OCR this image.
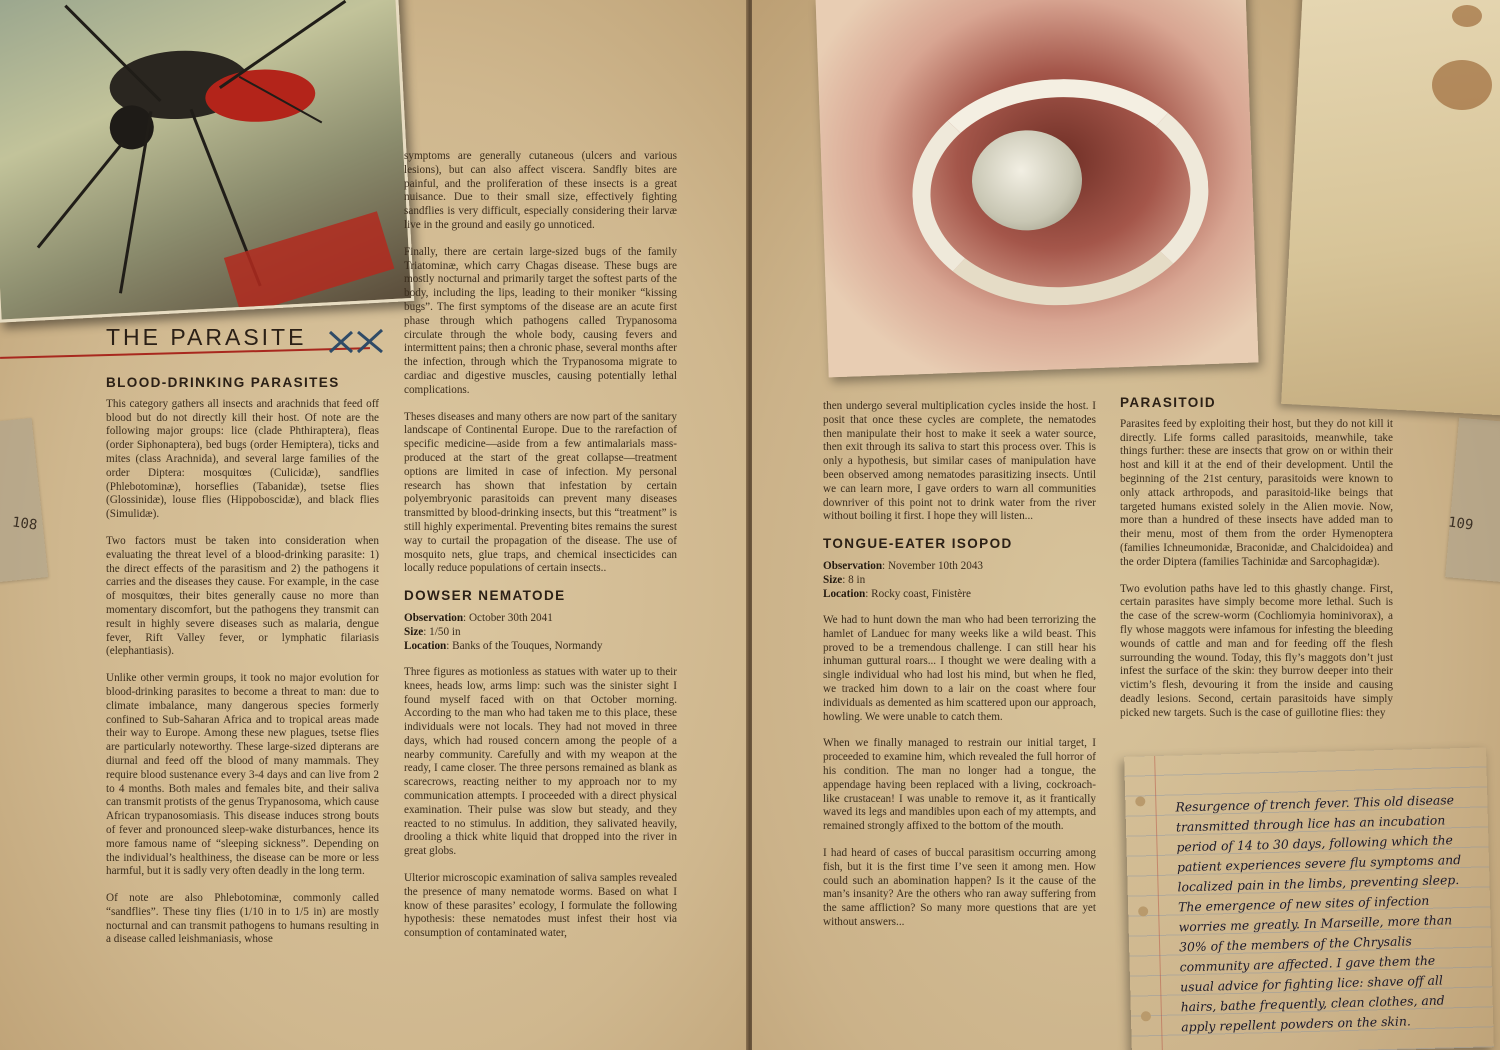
THE PARASITE
108
BLOOD-DRINKING PARASITES

This category gathers all insects and arachnids that feed off blood but do not directly kill their host. Of note are the following major groups: lice (clade Phthiraptera), fleas (order Siphonaptera), bed bugs (order Hemiptera), ticks and mites (class Arachnida), and several large families of the order Diptera: mosquitœs (Culicidæ), sandflies (Phlebotominæ), horseflies (Tabanidæ), tsetse flies (Glossinidæ), louse flies (Hippoboscidæ), and black flies (Simulidæ).

Two factors must be taken into consideration when evaluating the threat level of a blood-drinking parasite: 1) the direct effects of the parasitism and 2) the pathogens it carries and the diseases they cause. For example, in the case of mosquitœs, their bites generally cause no more than momentary discomfort, but the pathogens they transmit can result in highly severe diseases such as malaria, dengue fever, Rift Valley fever, or lymphatic filariasis (elephantiasis).

Unlike other vermin groups, it took no major evolution for blood-drinking parasites to become a threat to man: due to climate imbalance, many dangerous species formerly confined to Sub-Saharan Africa and to tropical areas made their way to Europe. Among these new plagues, tsetse flies are particularly noteworthy. These large-sized dipterans are diurnal and feed off the blood of many mammals. They require blood sustenance every 3-4 days and can live from 2 to 4 months. Both males and females bite, and their saliva can transmit protists of the genus Trypanosoma, which cause African trypanosomiasis. This disease induces strong bouts of fever and pronounced sleep-wake disturbances, hence its more famous name of “sleeping sickness”. Depending on the individual’s healthiness, the disease can be more or less harmful, but it is sadly very often deadly in the long term.

Of note are also Phlebotominæ, commonly called “sandflies”. These tiny flies (1/10 in to 1/5 in) are mostly nocturnal and can transmit pathogens to humans resulting in a disease called leishmaniasis, whose

symptoms are generally cutaneous (ulcers and various lesions), but can also affect viscera. Sandfly bites are painful, and the proliferation of these insects is a great nuisance. Due to their small size, effectively fighting sandflies is very difficult, especially considering their larvæ live in the ground and easily go unnoticed.

Finally, there are certain large-sized bugs of the family Triatominæ, which carry Chagas disease. These bugs are mostly nocturnal and primarily target the softest parts of the body, including the lips, leading to their moniker “kissing bugs”. The first symptoms of the disease are an acute first phase through which pathogens called Trypanosoma circulate through the whole body, causing fevers and intermittent pains; then a chronic phase, several months after the infection, through which the Trypanosoma migrate to cardiac and digestive muscles, causing potentially lethal complications.

Theses diseases and many others are now part of the sanitary landscape of Continental Europe. Due to the rarefaction of specific medicine—aside from a few antimalarials mass-produced at the start of the great collapse—treatment options are limited in case of infection. My personal research has shown that infestation by certain polyembryonic parasitoids can prevent many diseases transmitted by blood-drinking insects, but this “treatment” is still highly experimental. Preventing bites remains the surest way to curtail the propagation of the disease. The use of mosquito nets, glue traps, and chemical insecticides can locally reduce populations of certain insects..

DOWSER NEMATODE
Observation: October 30th 2041
Size: 1/50 in
Location: Banks of the Touques, Normandy

Three figures as motionless as statues with water up to their knees, heads low, arms limp: such was the sinister sight I found myself faced with on that October morning. According to the man who had taken me to this place, these individuals were not locals. They had not moved in three days, which had roused concern among the people of a nearby community. Carefully and with my weapon at the ready, I came closer. The three persons remained as blank as scarecrows, reacting neither to my approach nor to my communication attempts. I proceeded with a direct physical examination. Their pulse was slow but steady, and they reacted to no stimulus. In addition, they salivated heavily, drooling a thick white liquid that dropped into the river in great globs.

Ulterior microscopic examination of saliva samples revealed the presence of many nematode worms. Based on what I know of these parasites’ ecology, I formulate the following hypothesis: these nematodes must infest their host via consumption of contaminated water,

109

then undergo several multiplication cycles inside the host. I posit that once these cycles are complete, the nematodes then manipulate their host to make it seek a water source, then exit through its saliva to start this process over. This is only a hypothesis, but similar cases of manipulation have been observed among nematodes parasitizing insects. Until we can learn more, I gave orders to warn all communities downriver of this point not to drink water from the river without boiling it first. I hope they will listen...

TONGUE-EATER ISOPOD
Observation: November 10th 2043
Size: 8 in
Location: Rocky coast, Finistère

We had to hunt down the man who had been terrorizing the hamlet of Landuec for many weeks like a wild beast. This proved to be a tremendous challenge. I can still hear his inhuman guttural roars... I thought we were dealing with a single individual who had lost his mind, but when he fled, we tracked him down to a lair on the coast where four individuals as demented as him scattered upon our approach, howling. We were unable to catch them.

When we finally managed to restrain our initial target, I proceeded to examine him, which revealed the full horror of his condition. The man no longer had a tongue, the appendage having been replaced with a living, cockroach-like crustacean! I was unable to remove it, as it frantically waved its legs and mandibles upon each of my attempts, and remained strongly affixed to the bottom of the mouth.

I had heard of cases of buccal parasitism occurring among fish, but it is the first time I’ve seen it among men. How could such an abomination happen? Is it the cause of the man’s insanity? Are the others who ran away suffering from the same affliction? So many more questions that are yet without answers...

PARASITOID

Parasites feed by exploiting their host, but they do not kill it directly. Life forms called parasitoids, meanwhile, take things further: these are insects that grow on or within their host and kill it at the end of their development. Until the beginning of the 21st century, parasitoids were known to only attack arthropods, and parasitoid-like beings that targeted humans existed solely in the Alien movie. Now, more than a hundred of these insects have added man to their menu, most of them from the order Hymenoptera (families Ichneumonidæ, Braconidæ, and Chalcidoidea) and the order Diptera (families Tachinidæ and Sarcophagidæ).

Two evolution paths have led to this ghastly change. First, certain parasites have simply become more lethal. Such is the case of the screw-worm (Cochliomyia hominivorax), a fly whose maggots were infamous for infesting the bleeding wounds of cattle and man and for feeding off the flesh surrounding the wound. Today, this fly’s maggots don’t just infest the surface of the skin: they burrow deeper into their victim’s flesh, devouring it from the inside and causing deadly lesions. Second, certain parasitoids have simply picked new targets. Such is the case of guillotine flies: they

Resurgence of trench fever. This old disease transmitted through lice has an incubation period of 14 to 30 days, following which the patient experiences severe flu symptoms and localized pain in the limbs, preventing sleep. The emergence of new sites of infection worries me greatly. In Marseille, more than 30% of the members of the Chrysalis community are affected. I gave them the usual advice for fighting lice: shave off all hairs, bathe frequently, clean clothes, and apply repellent powders on the skin.
